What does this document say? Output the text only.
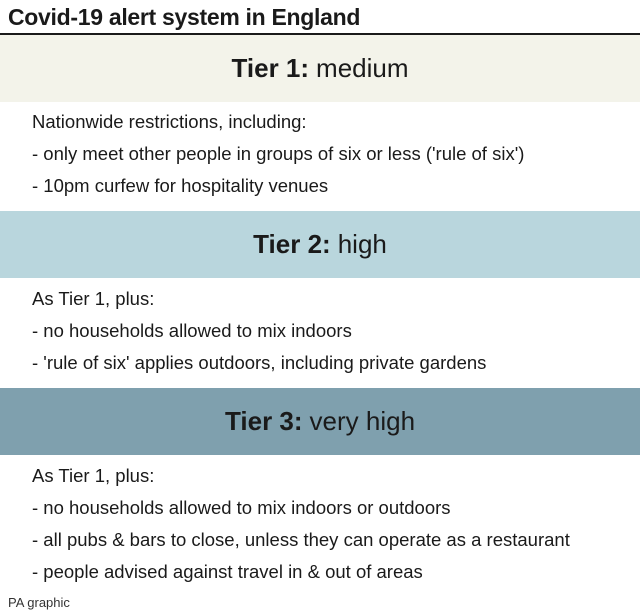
Covid-19 alert system in England
Tier 1: medium
Nationwide restrictions, including:
- only meet other people in groups of six or less ('rule of six')
- 10pm curfew for hospitality venues
Tier 2: high
As Tier 1, plus:
- no households allowed to mix indoors
- 'rule of six' applies outdoors, including private gardens
Tier 3: very high
As Tier 1, plus:
- no households allowed to mix indoors or outdoors
- all pubs & bars to close, unless they can operate as a restaurant
- people advised against travel in & out of areas
PA graphic
